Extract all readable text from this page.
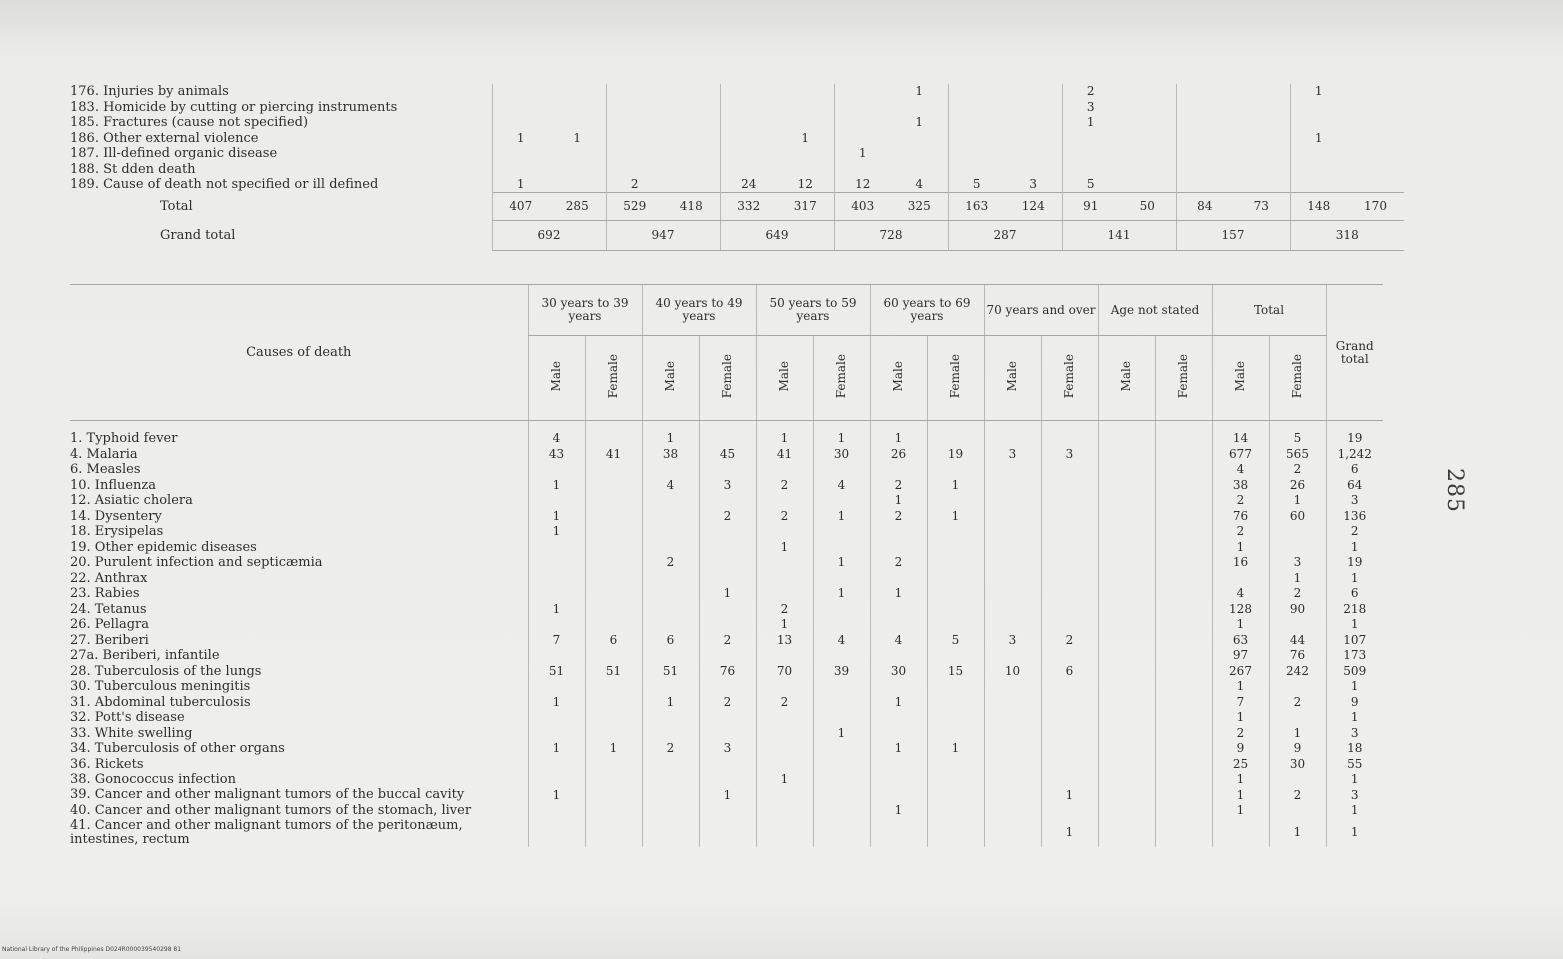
176. Injuries by animals								1			2				1	
183. Homicide by cutting or piercing instruments											3					
185. Fractures (cause not specified)								1			1					
186. Other external violence	1	1				1									1	
187. Ill-defined organic disease							1									
188. St dden death																
189. Cause of death not specified or ill defined	1		2		24	12	12	4	5	3	5					
Total	407	285	529	418	332	317	403	325	163	124	91	50	84	73	148	170
Grand total	692		947		649		728		287		141		157		318	
Causes of death	30 years to 39 years		40 years to 49 years		50 years to 59 years		60 years to 69 years		70 years and over		Age not stated		Total		Grand total
	Male	Female	Male	Female	Male	Female	Male	Female	Male	Female	Male	Female	Male	Female	
1. Typhoid fever	4		1		1	1	1						14	5	19
4. Malaria	43	41	38	45	41	30	26	19	3	3			677	565	1,242
6. Measles													4	2	6
10. Influenza	1		4	3	2	4	2	1					38	26	64
12. Asiatic cholera							1						2	1	3
14. Dysentery	1			2	2	1	2	1					76	60	136
18. Erysipelas	1												2		2
19. Other epidemic diseases					1								1		1
20. Purulent infection and septicæmia			2			1	2						16	3	19
22. Anthrax														1	1
23. Rabies				1		1	1						4	2	6
24. Tetanus	1				2								128	90	218
26. Pellagra					1								1		1
27. Beriberi	7	6	6	2	13	4	4	5	3	2			63	44	107
27a. Beriberi, infantile													97	76	173
28. Tuberculosis of the lungs	51	51	51	76	70	39	30	15	10	6			267	242	509
30. Tuberculous meningitis													1		1
31. Abdominal tuberculosis	1		1	2	2		1						7	2	9
32. Pott's disease													1		1
33. White swelling						1							2	1	3
34. Tuberculosis of other organs	1	1	2	3			1	1					9	9	18
36. Rickets													25	30	55
38. Gonococcus infection					1								1		1
39. Cancer and other malignant tumors of the buccal cavity	1			1						1			1	2	3
40. Cancer and other malignant tumors of the stomach, liver							1						1		1
41. Cancer and other malignant tumors of the peritonæum, intestines, rectum										1				1	1
285
National Library of the Philippines D024R000039540298 81
